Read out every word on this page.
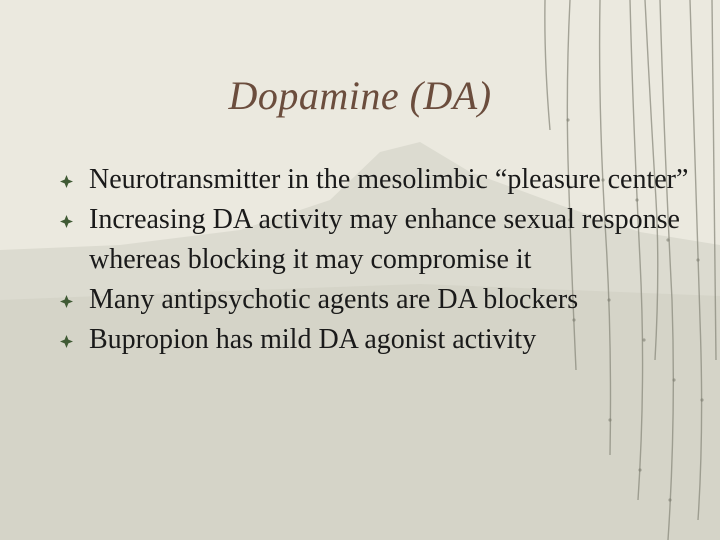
Dopamine (DA)
Neurotransmitter in the mesolimbic “pleasure center”
Increasing DA activity may enhance sexual response whereas blocking it may compromise it
Many antipsychotic agents are DA blockers
Bupropion has mild DA agonist activity
